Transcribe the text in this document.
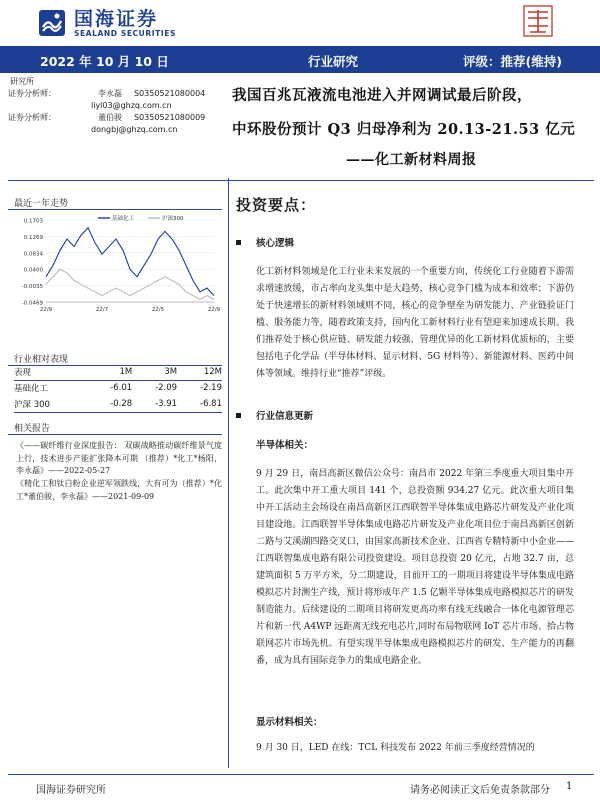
国海证券
SEALAND SECURITIES
2022 年 10 月 10 日	行业研究	评级：推荐(维持)
研究所
证券分析师：	李永磊 S0350521080004
liyl03@ghzq.com.cn
证券分析师：	董伯骏 S0350521080009
dongbj@ghzq.com.cn
我国百兆瓦液流电池进入并网调试最后阶段，
中环股份预计 Q3 归母净利为 20.13-21.53 亿元
——化工新材料周报
最近一年走势
0.1703
0.1269
0.0834
0.0400
-0.0035
-0.0469
22/9	22/7	22/5	22/9
基础化工	沪深300
行业相对表现
表现	1M	3M	12M
基础化工	-6.01	-2.09	-2.19
沪深 300	-0.28	-3.91	-6.81
相关报告

《——碳纤维行业深度报告： 双碳战略推动碳纤维景气度上行，技术进步产能扩张降本可期 （推荐）*化工*杨阳，李永磊》——2022-05-27

《精化工和钛白粉企业逆军领跌线，大有可为（推荐）*化工*董伯骏，李永磊》——2021-09-09

投资要点：
核心逻辑
化工新材料领域是化工行业未来发展的一个重要方向，传统化工行业随着下游需求增速放缓，市占率向龙头集中是大趋势，核心竞争门槛为成本和效率；下游仍处于快速增长的新材料领域则不同，核心的竞争壁垒为研发能力、产业链验证门槛、服务能力等，随着政策支持，国内化工新材料行业有望迎来加速成长期。我们推荐处于核心供应链、研发能力较强、管理优异的化工新材料优质标的，主要包括电子化学品（半导体材料、显示材料、5G 材料等）、新能源材料、医药中间体等领域。维持行业“推荐”评级。
行业信息更新
半导体相关：
9 月 29 日，南昌高新区微信公众号：南昌市 2022 年第三季度重大项目集中开工。此次集中开工重大项目 141 个，总投资额 934.27 亿元。此次重大项目集中开工活动主会场设在南昌高新区江西联智半导体集成电路芯片研发及产业化项目建设地。江西联智半导体集成电路芯片研发及产业化项目位于南昌高新区创新二路与艾溪湖四路交叉口，由国家高新技术企业、江西省专精特新中小企业——江西联智集成电路有限公司投资建设。项目总投资 20 亿元，占地 32.7 亩，总建筑面积 5 万平方米，分二期建设，目前开工的一期项目将建设半导体集成电路模拟芯片封测生产线，预计将形成年产 1.5 亿颗半导体集成电路模拟芯片的研发制造能力。后续建设的二期项目将研发更高功率有线无线融合一体化电源管理芯片和新一代 A4WP 远距离无线充电芯片,同时布局物联网 IoT 芯片市场、拾占物联网芯片市场先机。有望实现半导体集成电路模拟芯片的研发、生产能力的再翻番，成为具有国际竞争力的集成电路企业。
显示材料相关：
9 月 30 日，LED 在线：TCL 科技发布 2022 年前三季度经营情况的
国海证券研究所	请务必阅读正文后免责条款部分 1
